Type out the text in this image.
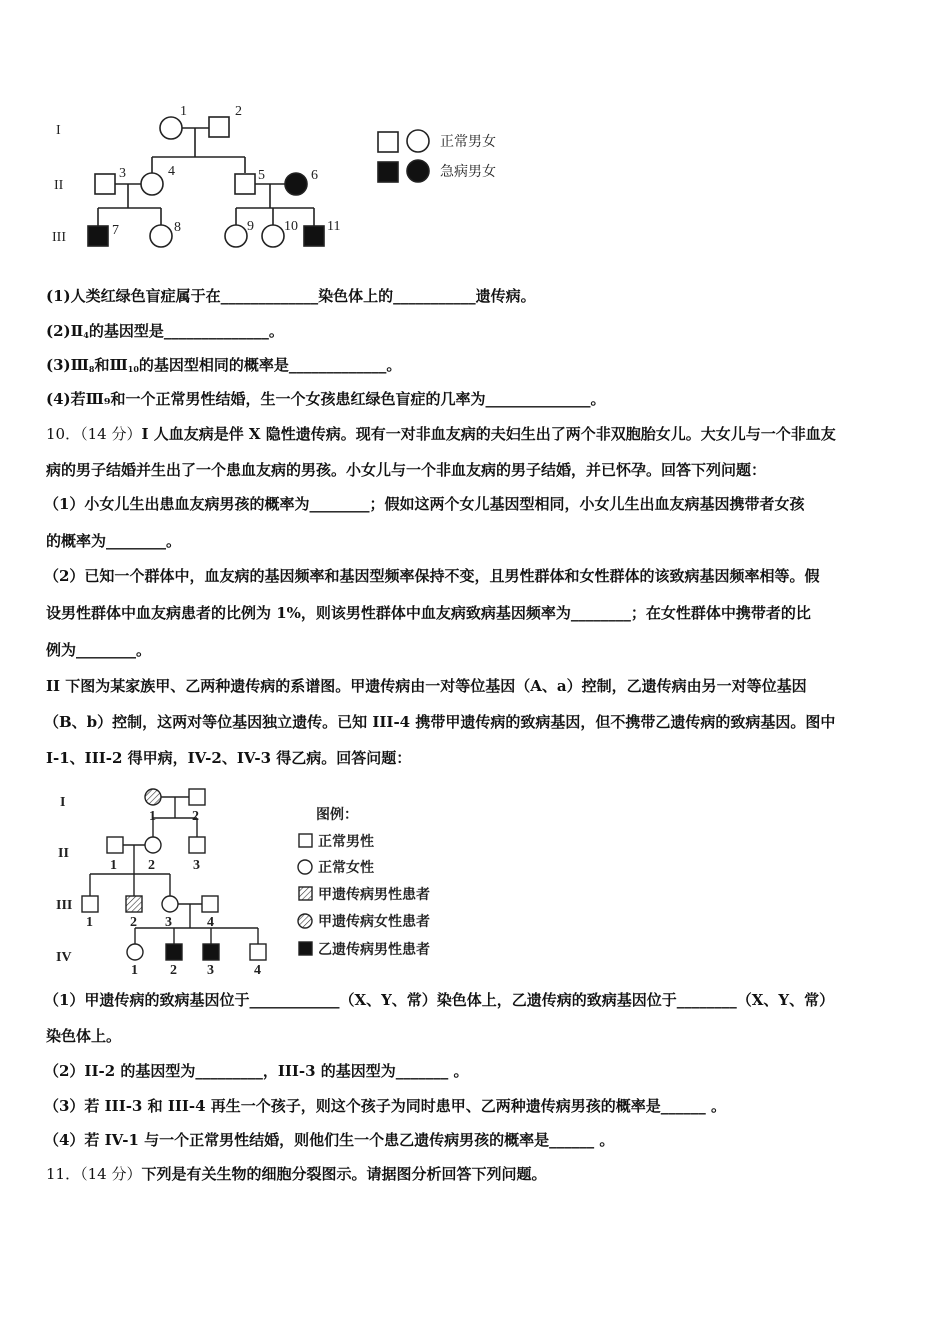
I
II
III
1	2
3	4	5	6
7	8	9 10 11
正常男女
急病男女
(1)人类红绿色盲症属于在_____________染色体上的___________遗传病。
$(2)Ⅱ_4$的基因型是______________。
$(3)Ⅲ_8$和$Ⅲ_{10}$的基因型相同的概率是_____________。
(4)若Ⅲ₉和一个正常男性结婚，生一个女孩患红绿色盲症的几率为______________。
10．（14 分）I 人血友病是伴 X 隐性遗传病。现有一对非血友病的夫妇生出了两个非双胞胎女儿。大女儿与一个非血友
病的男子结婚并生出了一个患血友病的男孩。小女儿与一个非血友病的男子结婚，并已怀孕。回答下列问题：
（1）小女儿生出患血友病男孩的概率为________；假如这两个女儿基因型相同，小女儿生出血友病基因携带者女孩
的概率为________。
（2）已知一个群体中，血友病的基因频率和基因型频率保持不变，且男性群体和女性群体的该致病基因频率相等。假
设男性群体中血友病患者的比例为 1%，则该男性群体中血友病致病基因频率为________；在女性群体中携带者的比
例为________。
II 下图为某家族甲、乙两种遗传病的系谱图。甲遗传病由一对等位基因（A、a）控制，乙遗传病由另一对等位基因
（B、b）控制，这两对等位基因独立遗传。已知 III-4 携带甲遗传病的致病基因，但不携带乙遗传病的致病基因。图中
I-1、III-2 得甲病，IV-2、IV-3 得乙病。回答问题：
I
II
III
IV
1	2
1 2	3
1	2 3	4
1 2 3	4
图例：
正常男性
正常女性
甲遗传病男性患者
甲遗传病女性患者
乙遗传病男性患者
（1）甲遗传病的致病基因位于____________（X、Y、常）染色体上，乙遗传病的致病基因位于________（X、Y、常）
染色体上。
（2）II-2 的基因型为_________，III-3 的基因型为_______ 。
（3）若 III-3 和 III-4 再生一个孩子，则这个孩子为同时患甲、乙两种遗传病男孩的概率是______ 。
（4）若 IV-1 与一个正常男性结婚，则他们生一个患乙遗传病男孩的概率是______ 。
11．（14 分）下列是有关生物的细胞分裂图示。请据图分析回答下列问题。
